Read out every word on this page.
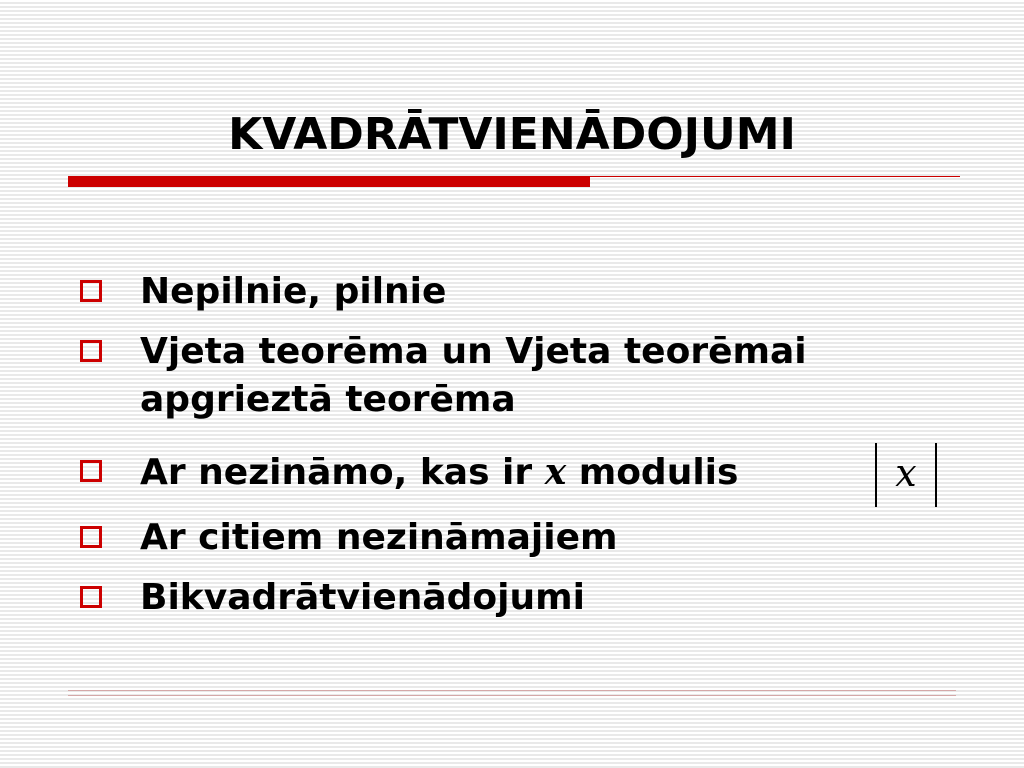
KVADRĀTVIENĀDOJUMI
Nepilnie, pilnie
Vjeta teorēma un Vjeta teorēmai
apgrieztā teorēma
Ar nezināmo, kas ir x modulis
Ar citiem nezināmajiem
Bikvadrātvienādojumi
x
